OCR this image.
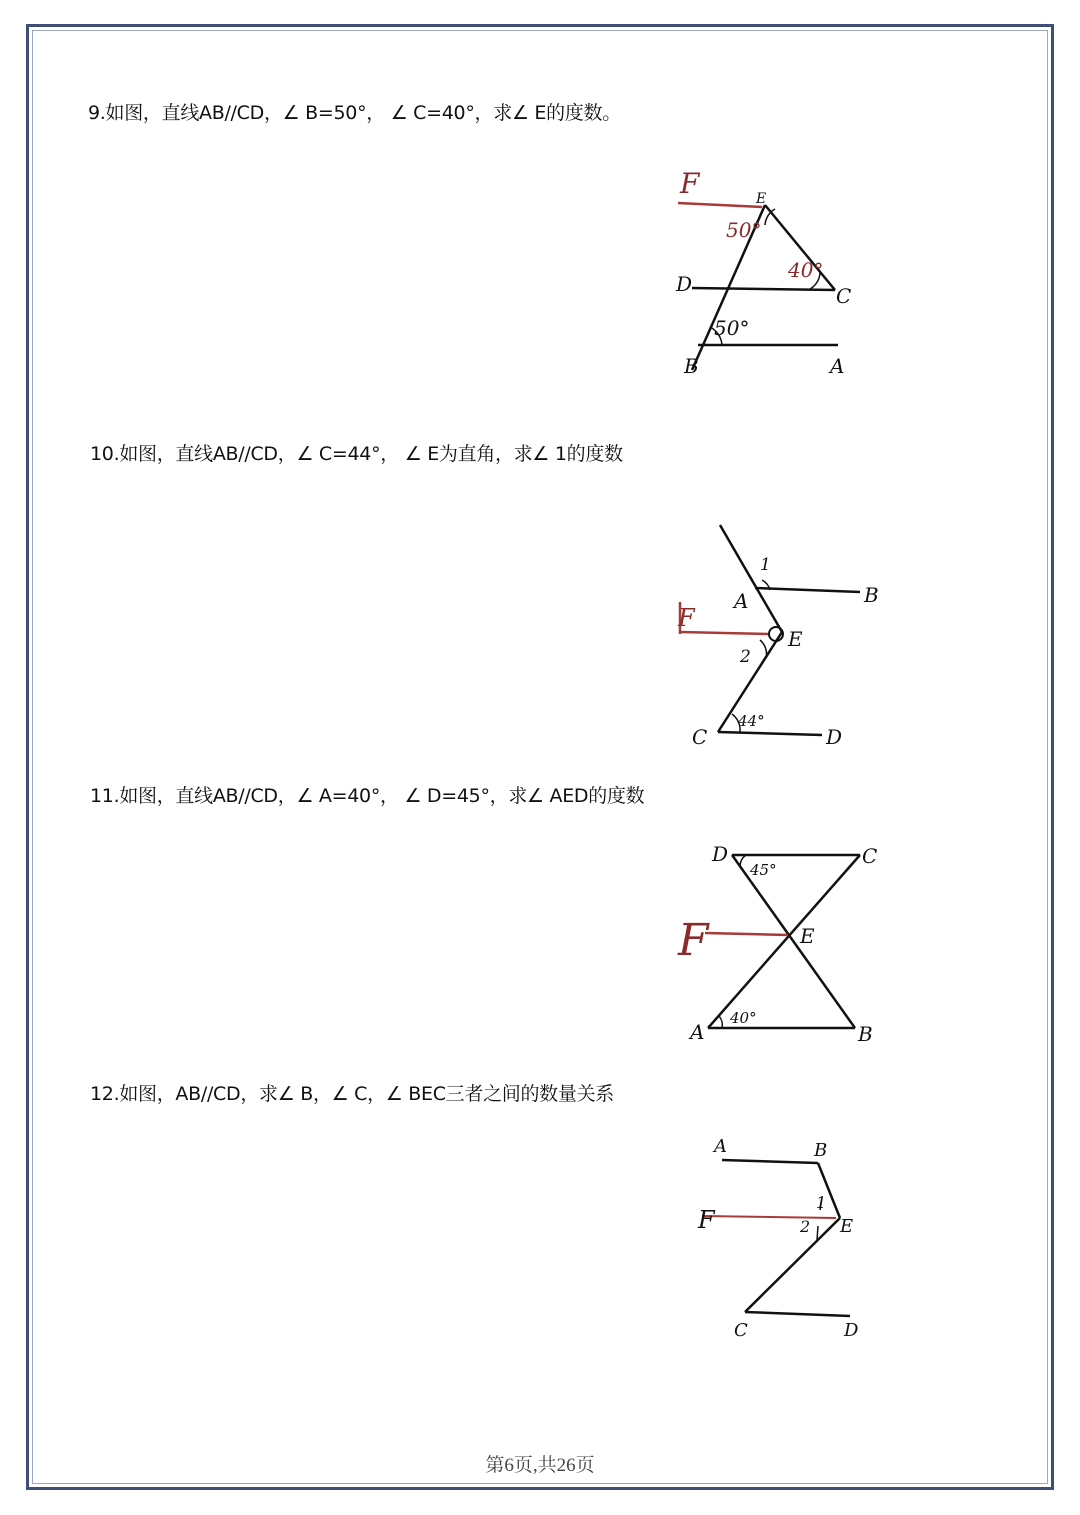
9.如图，直线AB//CD，∠ B=50°， ∠ C=40°，求∠ E的度数。
F	E
D	C
B	A
50°
40°
50°
10.如图，直线AB//CD，∠ C=44°， ∠ E为直角，求∠ 1的度数
A	B
F
E
C	D
1
2
44°
11.如图，直线AB//CD，∠ A=40°， ∠ D=45°，求∠ AED的度数
D	C
F	E
A	B
45°
40°
12.如图，AB//CD，求∠ B，∠ C，∠ BEC三者之间的数量关系
A	B
F	E
C	D
1
2
第6页,共26页
